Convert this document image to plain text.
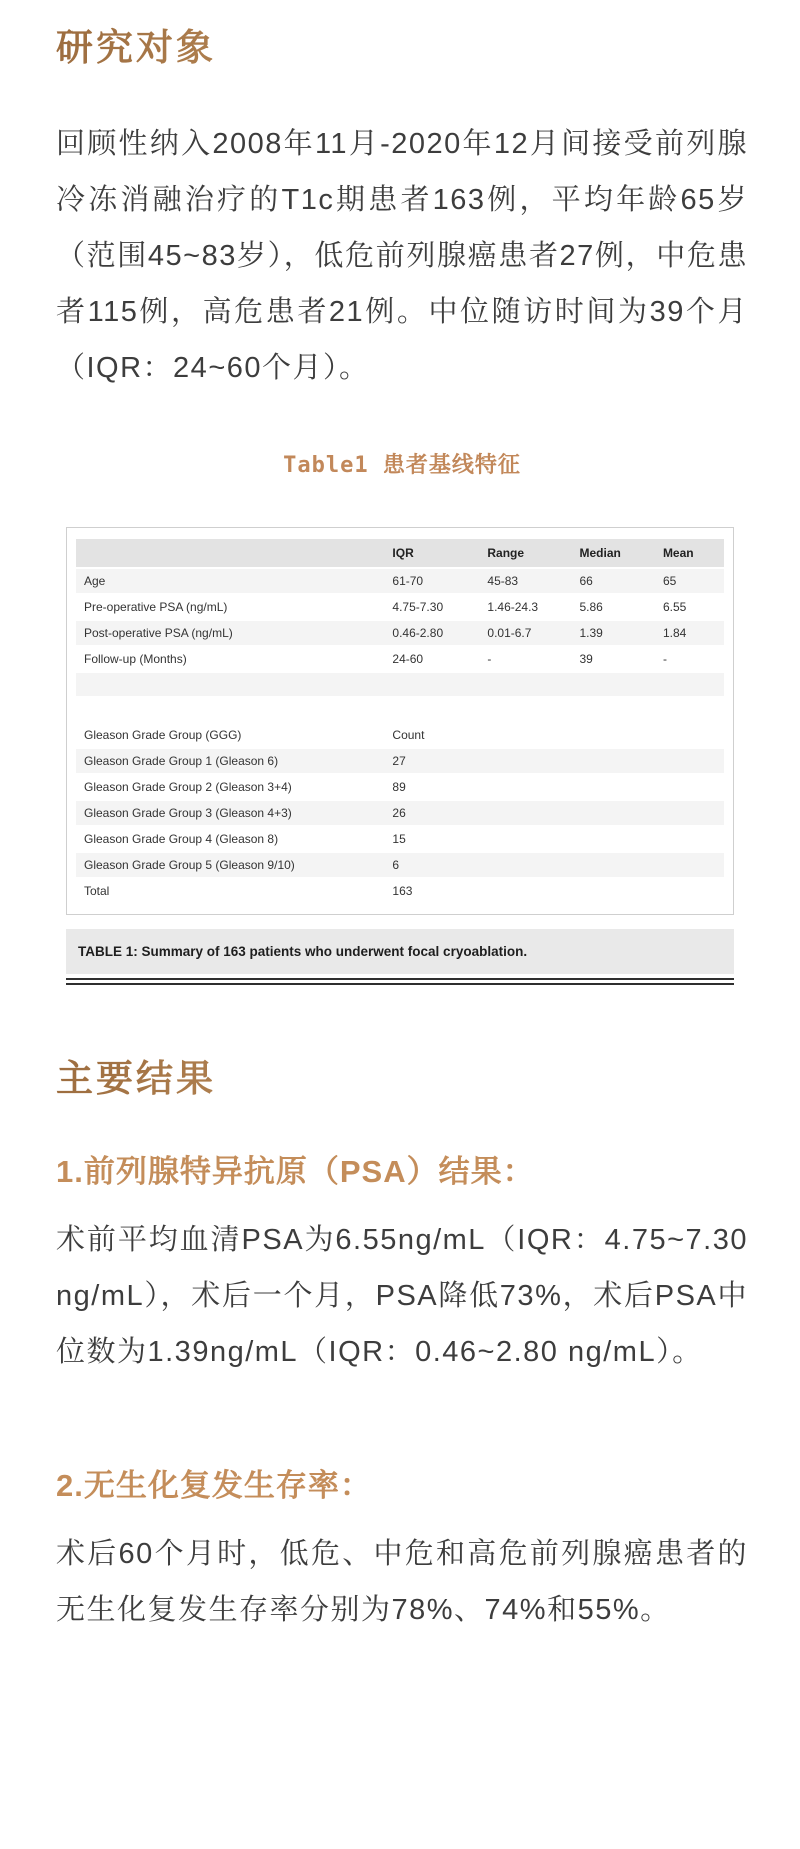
研究对象

回顾性纳入2008年11月-2020年12月间接受前列腺冷冻消融治疗的T1c期患者163例，平均年龄65岁（范围45~83岁），低危前列腺癌患者27例，中危患者115例，高危患者21例。中位随访时间为39个月（IQR：24~60个月）。

Table1 患者基线特征
	IQR	Range	Median	Mean
Age	61-70	45-83	66	65
Pre-operative PSA (ng/mL)	4.75-7.30	1.46-24.3	5.86	6.55
Post-operative PSA (ng/mL)	0.46-2.80	0.01-6.7	1.39	1.84
Follow-up (Months)	24-60	-	39	-

Gleason Grade Group (GGG)	Count			
Gleason Grade Group 1 (Gleason 6)	27			
Gleason Grade Group 2 (Gleason 3+4)	89			
Gleason Grade Group 3 (Gleason 4+3)	26			
Gleason Grade Group 4 (Gleason 8)	15			
Gleason Grade Group 5 (Gleason 9/10)	6			
Total	163			
TABLE 1: Summary of 163 patients who underwent focal cryoablation.
主要结果
1.前列腺特异抗原（PSA）结果：

术前平均血清PSA为6.55ng/mL（IQR：4.75~7.30 ng/mL），术后一个月，PSA降低73%，术后PSA中位数为1.39ng/mL（IQR：0.46~2.80 ng/mL）。

2.无生化复发生存率：

术后60个月时，低危、中危和高危前列腺癌患者的无生化复发生存率分别为78%、74%和55%。
